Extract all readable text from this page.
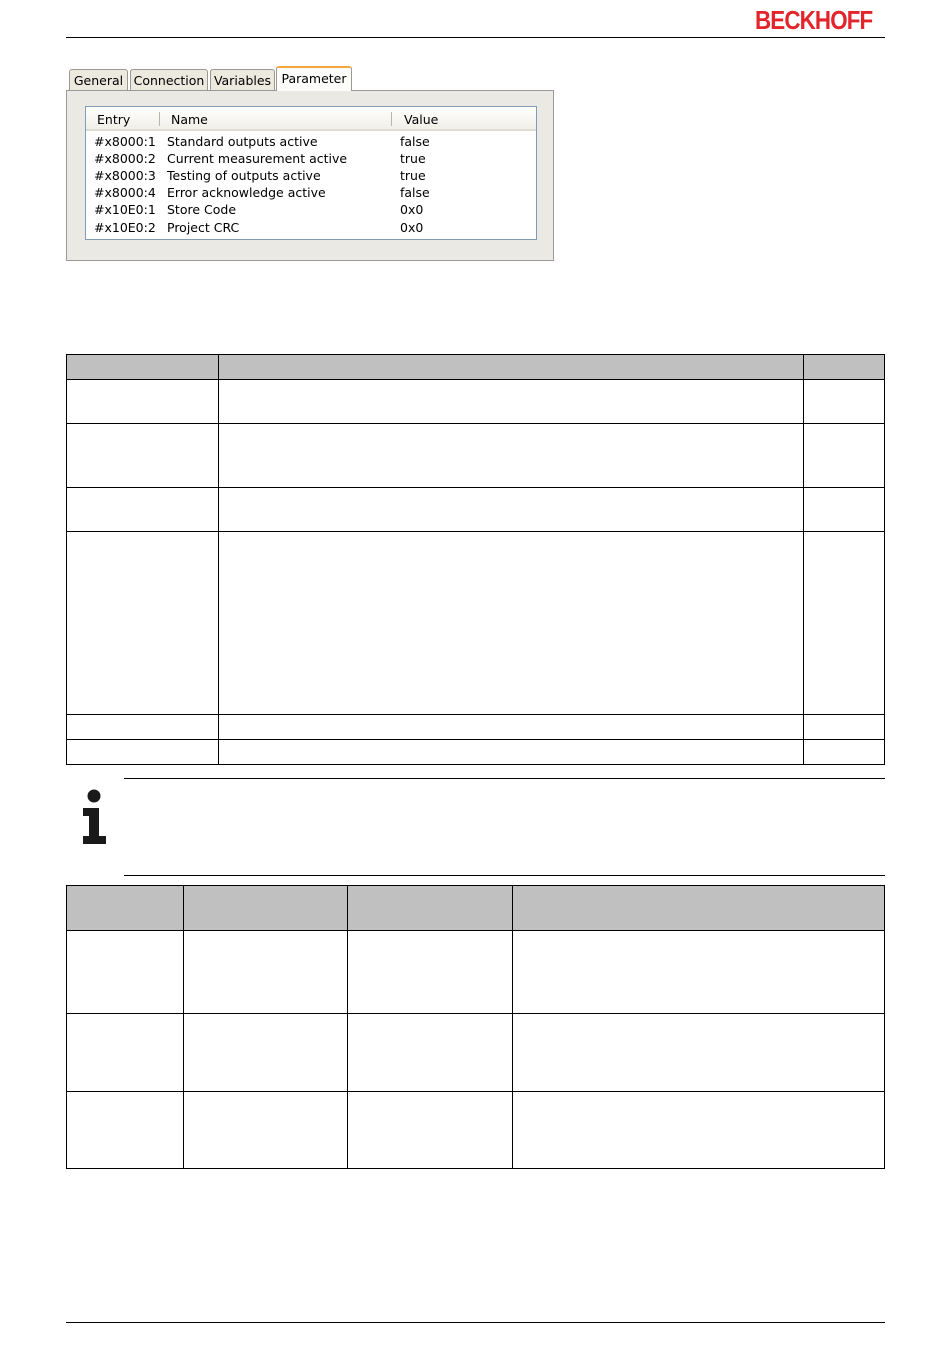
BECKHOFF
General Connection Variables Parameter
Entry	Name	Value
#x8000:1 Standard outputs active	false
#x8000:2 Current measurement active	true
#x8000:3 Testing of outputs active	true
#x8000:4 Error acknowledge active	false
#x10E0:1 Store Code	0x0
#x10E0:2 Project CRC	0x0
